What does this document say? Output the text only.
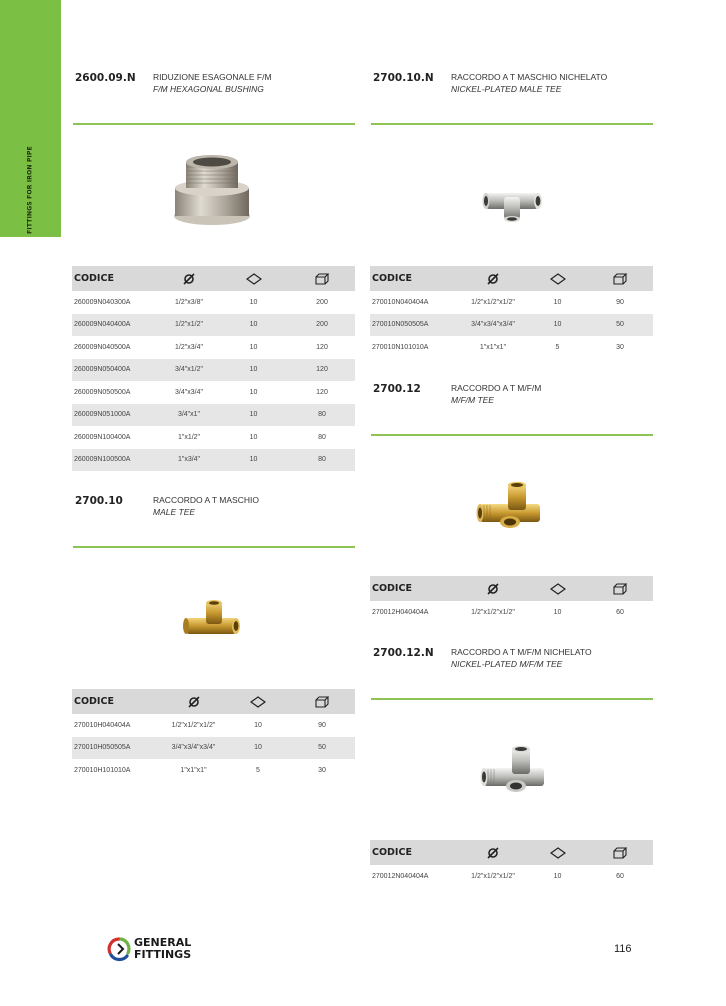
FITTINGS FOR IRON PIPE
2600.09.N RIDUZIONE ESAGONALE F/M
F/M HEXAGONAL BUSHING
CODICE			
260009N040300A	1/2"x3/8"	10	200
260009N040400A	1/2"x1/2"	10	200
260009N040500A	1/2"x3/4"	10	120
260009N050400A	3/4"x1/2"	10	120
260009N050500A	3/4"x3/4"	10	120
260009N051000A	3/4"x1"	10	80
260009N100400A	1"x1/2"	10	80
260009N100500A	1"x3/4"	10	80
2700.10	RACCORDO A T MASCHIO
MALE TEE
CODICE			
270010H040404A	1/2"x1/2"x1/2"	10	90
270010H050505A	3/4"x3/4"x3/4"	10	50
270010H101010A	1"x1"x1"	5	30
2700.10.N RACCORDO A T MASCHIO NICHELATO
NICKEL-PLATED MALE TEE
CODICE			
270010N040404A	1/2"x1/2"x1/2"	10	90
270010N050505A	3/4"x3/4"x3/4"	10	50
270010N101010A	1"x1"x1"	5	30
2700.12	RACCORDO A T M/F/M
M/F/M TEE
CODICE			
270012H040404A	1/2"x1/2"x1/2"	10	60
2700.12.N RACCORDO A T M/F/M NICHELATO
NICKEL-PLATED M/F/M TEE
CODICE			
270012N040404A	1/2"x1/2"x1/2"	10	60
GENERAL
FITTINGS	116
